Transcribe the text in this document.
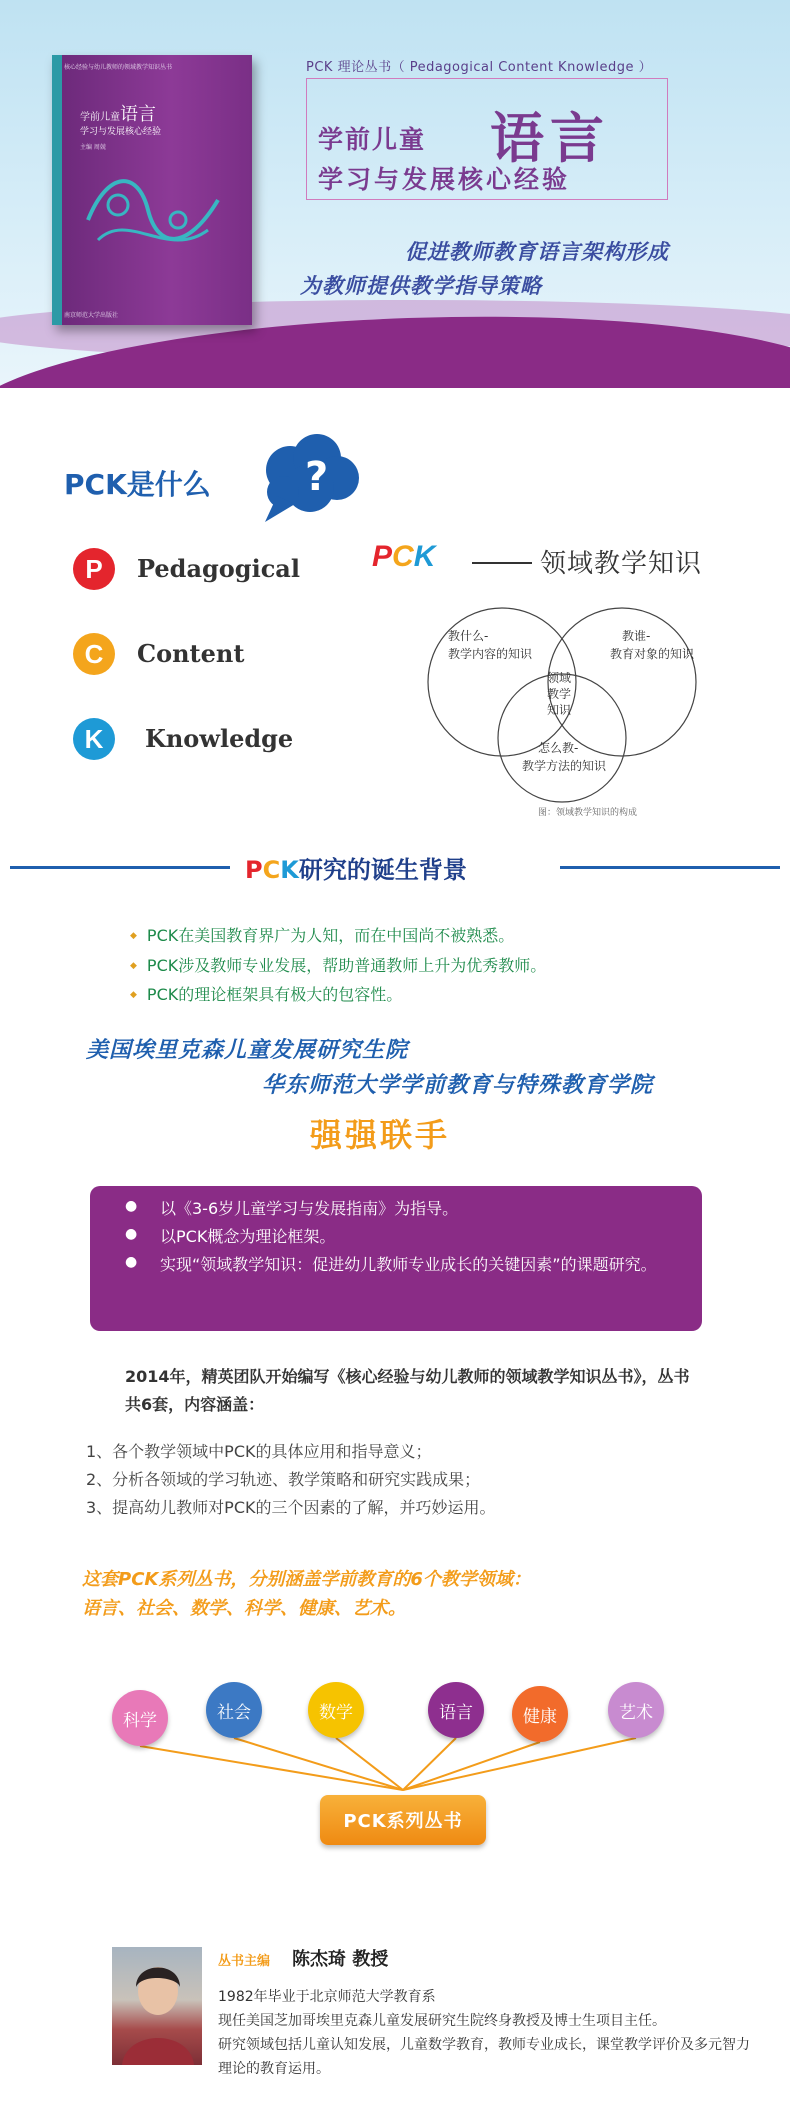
核心经验与幼儿教师的领域教学知识丛书
学前儿童 语言
学习与发展核心经验
主编 周兢
南京师范大学出版社
PCK 理论丛书（ Pedagogical Content Knowledge ）
学前儿童 语言
学习与发展核心经验
促进教师教育语言架构形成
为教师提供教学指导策略
PCK是什么 ?
P	Pedagogical
C	Content
K	Knowledge
PCK	领域教学知识
教什么-
教学内容的知识
教谁-
教育对象的知识
领域
教学
知识
怎么教-
教学方法的知识
图：领域教学知识的构成
PCK研究的诞生背景
◆ PCK在美国教育界广为人知，而在中国尚不被熟悉。
◆ PCK涉及教师专业发展，帮助普通教师上升为优秀教师。
◆ PCK的理论框架具有极大的包容性。
美国埃里克森儿童发展研究生院
华东师范大学学前教育与特殊教育学院
强强联手
● 以《3-6岁儿童学习与发展指南》为指导。
● 以PCK概念为理论框架。
● 实现“领域教学知识：促进幼儿教师专业成长的关键因素”的课题研究。
2014年，精英团队开始编写《核心经验与幼儿教师的领域教学知识丛书》，丛书共6套，内容涵盖：
1、各个教学领域中PCK的具体应用和指导意义；
2、分析各领域的学习轨迹、教学策略和研究实践成果；
3、提高幼儿教师对PCK的三个因素的了解，并巧妙运用。
这套PCK系列丛书，分别涵盖学前教育的6个教学领域：
语言、社会、数学、科学、健康、艺术。
科学	社会	数学	语言	健康	艺术
PCK系列丛书
丛书主编 陈杰琦 教授
1982年毕业于北京师范大学教育系
现任美国芝加哥埃里克森儿童发展研究生院终身教授及博士生项目主任。
研究领域包括儿童认知发展，儿童数学教育，教师专业成长，课堂教学评价及多元智力理论的教育运用。
